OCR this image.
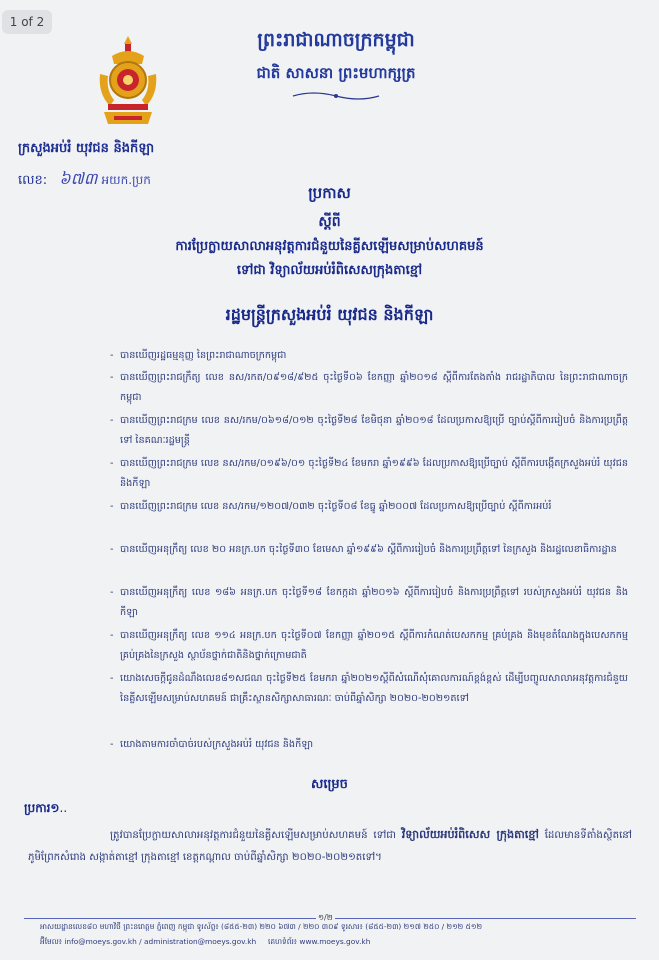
1 of 2
ព្រះរាជាណាចក្រកម្ពុជា
ជាតិ សាសនា ព្រះមហាក្សត្រ
ក្រសួងអប់រំ យុវជន និងកីឡា
លេខ: ៦៧៣ អយក.ប្រក
ប្រកាស
ស្តីពី
ការប្រែក្លាយសាលាអនុវត្តការជំនួយនៃគ្លីសឡើមសម្រាប់សហគមន៍
ទៅជា វិទ្យាល័យអប់រំពិសេសក្រុងតាខ្មៅ
រដ្ឋមន្ត្រីក្រសួងអប់រំ យុវជន និងកីឡា
- បានឃើញរដ្ឋធម្មនុញ្ញ នៃព្រះរាជាណាចក្រកម្ពុជា
- បានឃើញព្រះរាជក្រឹត្យ លេខ នស/រកត/០៩១៨/៩២៥ ចុះថ្ងៃទី០៦ ខែកញ្ញា ឆ្នាំ២០១៨ ស្តីពីការតែងតាំង រាជរដ្ឋាភិបាល នៃព្រះរាជាណាចក្រកម្ពុជា
- បានឃើញព្រះរាជក្រម លេខ នស/រកម/០៦១៨/០១២ ចុះថ្ងៃទី២៨ ខែមិថុនា ឆ្នាំ២០១៨ ដែលប្រកាសឱ្យប្រើ ច្បាប់ស្តីពីការរៀបចំ និងការប្រព្រឹត្តទៅ នៃគណៈរដ្ឋមន្ត្រី
- បានឃើញព្រះរាជក្រម លេខ នស/រកម/០១៩៦/០១ ចុះថ្ងៃទី២៤ ខែមករា ឆ្នាំ១៩៩៦ ដែលប្រកាសឱ្យប្រើច្បាប់ ស្តីពីការបង្កើតក្រសួងអប់រំ យុវជន និងកីឡា
- បានឃើញព្រះរាជក្រម លេខ នស/រកម/១២០៧/០៣២ ចុះថ្ងៃទី០៨ ខែធ្នូ ឆ្នាំ២០០៧ ដែលប្រកាសឱ្យប្រើច្បាប់ ស្តីពីការអប់រំ
- បានឃើញអនុក្រឹត្យ លេខ ២០ អនក្រ.បក ចុះថ្ងៃទី៣០ ខែមេសា ឆ្នាំ១៩៩៦ ស្តីពីការរៀបចំ និងការប្រព្រឹត្តទៅ នៃក្រសួង និងរដ្ឋលេខាធិការដ្ឋាន
- បានឃើញអនុក្រឹត្យ លេខ ១៨៦ អនក្រ.បក ចុះថ្ងៃទី១៨ ខែកក្កដា ឆ្នាំ២០១៦ ស្តីពីការរៀបចំ និងការប្រព្រឹត្តទៅ របស់ក្រសួងអប់រំ យុវជន និងកីឡា
- បានឃើញអនុក្រឹត្យ លេខ ១១៤ អនក្រ.បក ចុះថ្ងៃទី០៧ ខែកញ្ញា ឆ្នាំ២០១៥ ស្តីពីការកំណត់បេសកកម្ម គ្រប់គ្រង និងមុខតំណែងក្នុងបេសកកម្មគ្រប់គ្រងនៃក្រសួង ស្ថាប័នថ្នាក់ជាតិនិងថ្នាក់ក្រោមជាតិ
- យោងសេចក្តីជូនដំណឹងលេខ៨១សជណ ចុះថ្ងៃទី២៥ ខែមករា ឆ្នាំ២០២១ស្តីពីសំណើសុំគោលការណ៍ខ្ពង់ខ្ពស់ ដើម្បីបញ្ចូលសាលាអនុវត្តការជំនួយ នៃគ្លីសឡើមសម្រាប់សហគមន៍ ជាគ្រឹះស្ថានសិក្សាសាធារណៈ ចាប់ពីឆ្នាំសិក្សា ២០២០-២០២១តទៅ
- យោងតាមការចាំបាច់របស់ក្រសួងអប់រំ យុវជន និងកីឡា
សម្រេច
ប្រការ១..
ត្រូវបានប្រែក្លាយសាលាអនុវត្តការជំនួយនៃគ្លីសឡើមសម្រាប់សហគមន៍ ទៅជា វិទ្យាល័យអប់រំពិសេស ក្រុងតាខ្មៅ ដែលមានទីតាំងស្ថិតនៅភូមិព្រែកសំរោង សង្កាត់តាខ្មៅ ក្រុងតាខ្មៅ ខេត្តកណ្តាល ចាប់ពីឆ្នាំសិក្សា ២០២០-២០២១តទៅ។
១/២
អាសយដ្ឋានលេខ៨០ មហាវិថី ព្រះនរោត្តម ភ្នំពេញ កម្ពុជា ទូរស័ព្ទ៖ (៨៥៥-២៣) ២២០ ៦៧៣ / ២២០ ៣០៩ ទូរសារ៖ (៨៥៥-២៣) ២១៧ ២៥០ / ២១២ ៥១២
អ៊ីមែល៖ info@moeys.gov.kh / administration@moeys.gov.kh គេហទំព័រ៖ www.moeys.gov.kh
